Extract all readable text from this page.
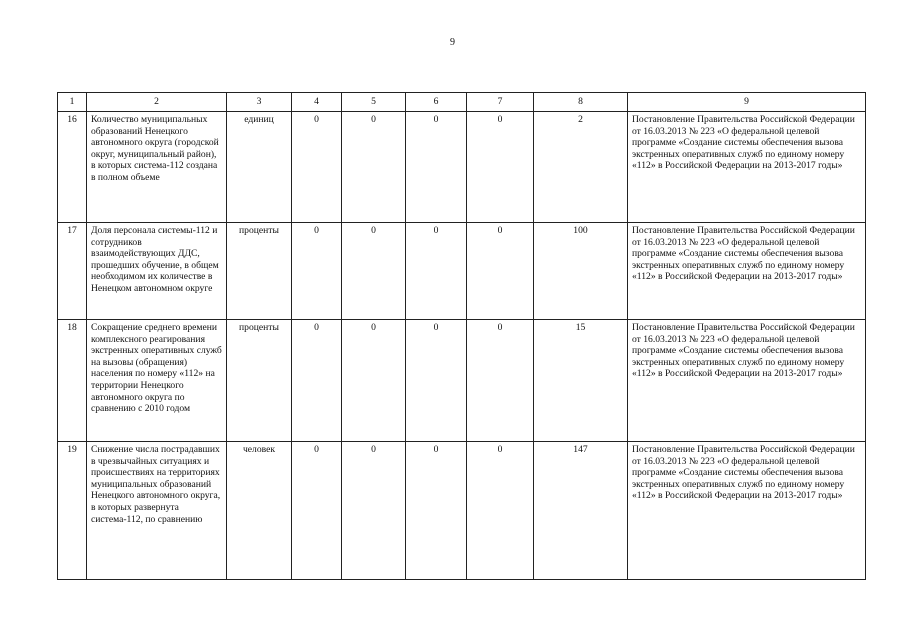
9
1	2	3	4	5	6	7	8	9
16	Количество муниципальных образований Ненецкого автономного округа (городской округ, муниципальный район), в которых система-112 создана в полном объеме	единиц	0	0	0	0	2	Постановление Правительства Российской Федерации от 16.03.2013 № 223 «О федеральной целевой программе «Создание системы обеспечения вызова экстренных оперативных служб по единому номеру «112» в Российской Федерации на 2013-2017 годы»
17	Доля персонала системы-112 и сотрудников взаимодействующих ДДС, прошедших обучение, в общем необходимом их количестве в Ненецком автономном округе	проценты	0	0	0	0	100	Постановление Правительства Российской Федерации от 16.03.2013 № 223 «О федеральной целевой программе «Создание системы обеспечения вызова экстренных оперативных служб по единому номеру «112» в Российской Федерации на 2013-2017 годы»
18	Сокращение среднего времени комплексного реагирования экстренных оперативных служб на вызовы (обращения) населения по номеру «112» на территории Ненецкого автономного округа по сравнению с 2010 годом	проценты	0	0	0	0	15	Постановление Правительства Российской Федерации от 16.03.2013 № 223 «О федеральной целевой программе «Создание системы обеспечения вызова экстренных оперативных служб по единому номеру «112» в Российской Федерации на 2013-2017 годы»
19	Снижение числа пострадавших в чрезвычайных ситуациях и происшествиях на территориях муниципальных образований Ненецкого автономного округа, в которых развернута система-112, по сравнению	человек	0	0	0	0	147	Постановление Правительства Российской Федерации от 16.03.2013 № 223 «О федеральной целевой программе «Создание системы обеспечения вызова экстренных оперативных служб по единому номеру «112» в Российской Федерации на 2013-2017 годы»
